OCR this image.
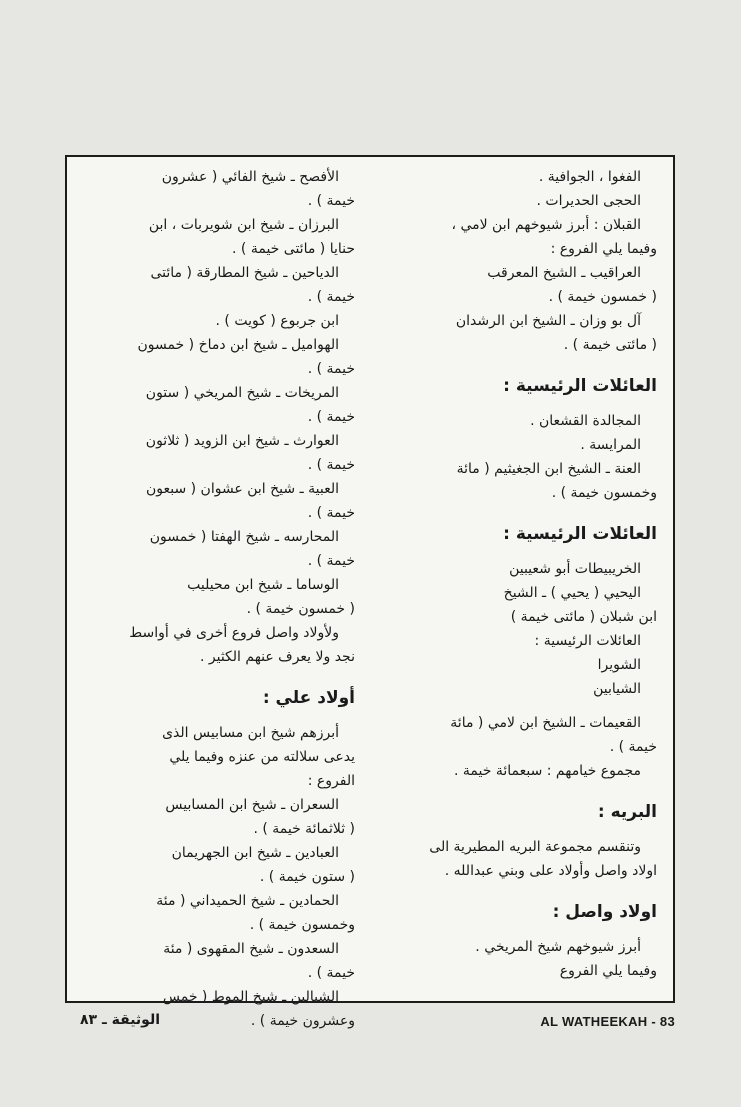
الفغوا ، الجوافية .

الحجى الحديرات .

القبلان : أبرز شيوخهم ابن لامي ،

وفيما يلي الفروع :

العراقيب ـ الشيخ المعرقب

( خمسون خيمة ) .

آل بو وزان ـ الشيخ ابن الرشدان

( مائتى خيمة ) .

العائلات الرئيسية :

المجالدة القشعان .

المرايسة .

العنة ـ الشيخ ابن الجغيثيم ( مائة

وخمسون خيمة ) .

العائلات الرئيسية :

الخريبيطات أبو شعيبين

اليحيي ( يحيي ) ـ الشيخ

ابن شبلان ( مائتى خيمة )

العائلات الرئيسية :

الشويرا

الشيابين

القعيمات ـ الشيخ ابن لامي ( مائة

خيمة ) .

مجموع خيامهم : سبعمائة خيمة .

البريه :

وتنقسم مجموعة البريه المطيرية الى

اولاد واصل وأولاد على وبني عبدالله .

اولاد واصل :

أبرز شيوخهم شيخ المريخي .

وفيما يلي الفروع

الأفصح ـ شيخ الفائي ( عشرون

خيمة ) .

البرزان ـ شيخ ابن شويربات ، ابن

حنايا ( مائتى خيمة ) .

الدياحين ـ شيخ المطارقة ( مائتى

خيمة ) .

ابن جربوع ( كويت ) .

الهواميل ـ شيخ ابن دماخ ( خمسون

خيمة ) .

المريخات ـ شيخ المريخي ( ستون

خيمة ) .

العوارث ـ شيخ ابن الزويد ( ثلاثون

خيمة ) .

العبية ـ شيخ ابن عشوان ( سبعون

خيمة ) .

المحارسه ـ شيخ الهفتا ( خمسون

خيمة ) .

الوساما ـ شيخ ابن محيليب

( خمسون خيمة ) .

ولأولاد واصل فروع أخرى في أواسط

نجد ولا يعرف عنهم الكثير .

أولاد علي :

أبرزهم شيخ ابن مسابيس الذى

يدعى سلالته من عنزه وفيما يلي

الفروع :

السعران ـ شيخ ابن المسابيس

( ثلاثمائة خيمة ) .

العبادين ـ شيخ ابن الجهريمان

( ستون خيمة ) .

الحمادين ـ شيخ الحميداني ( مئة

وخمسون خيمة ) .

السعدون ـ شيخ المقهوى ( مئة

خيمة ) .

الشيالين ـ شيخ الموط ( خمس

وعشرون خيمة ) .	AL WATHEEKAH - 83
الوثيقة ـ ٨٣
